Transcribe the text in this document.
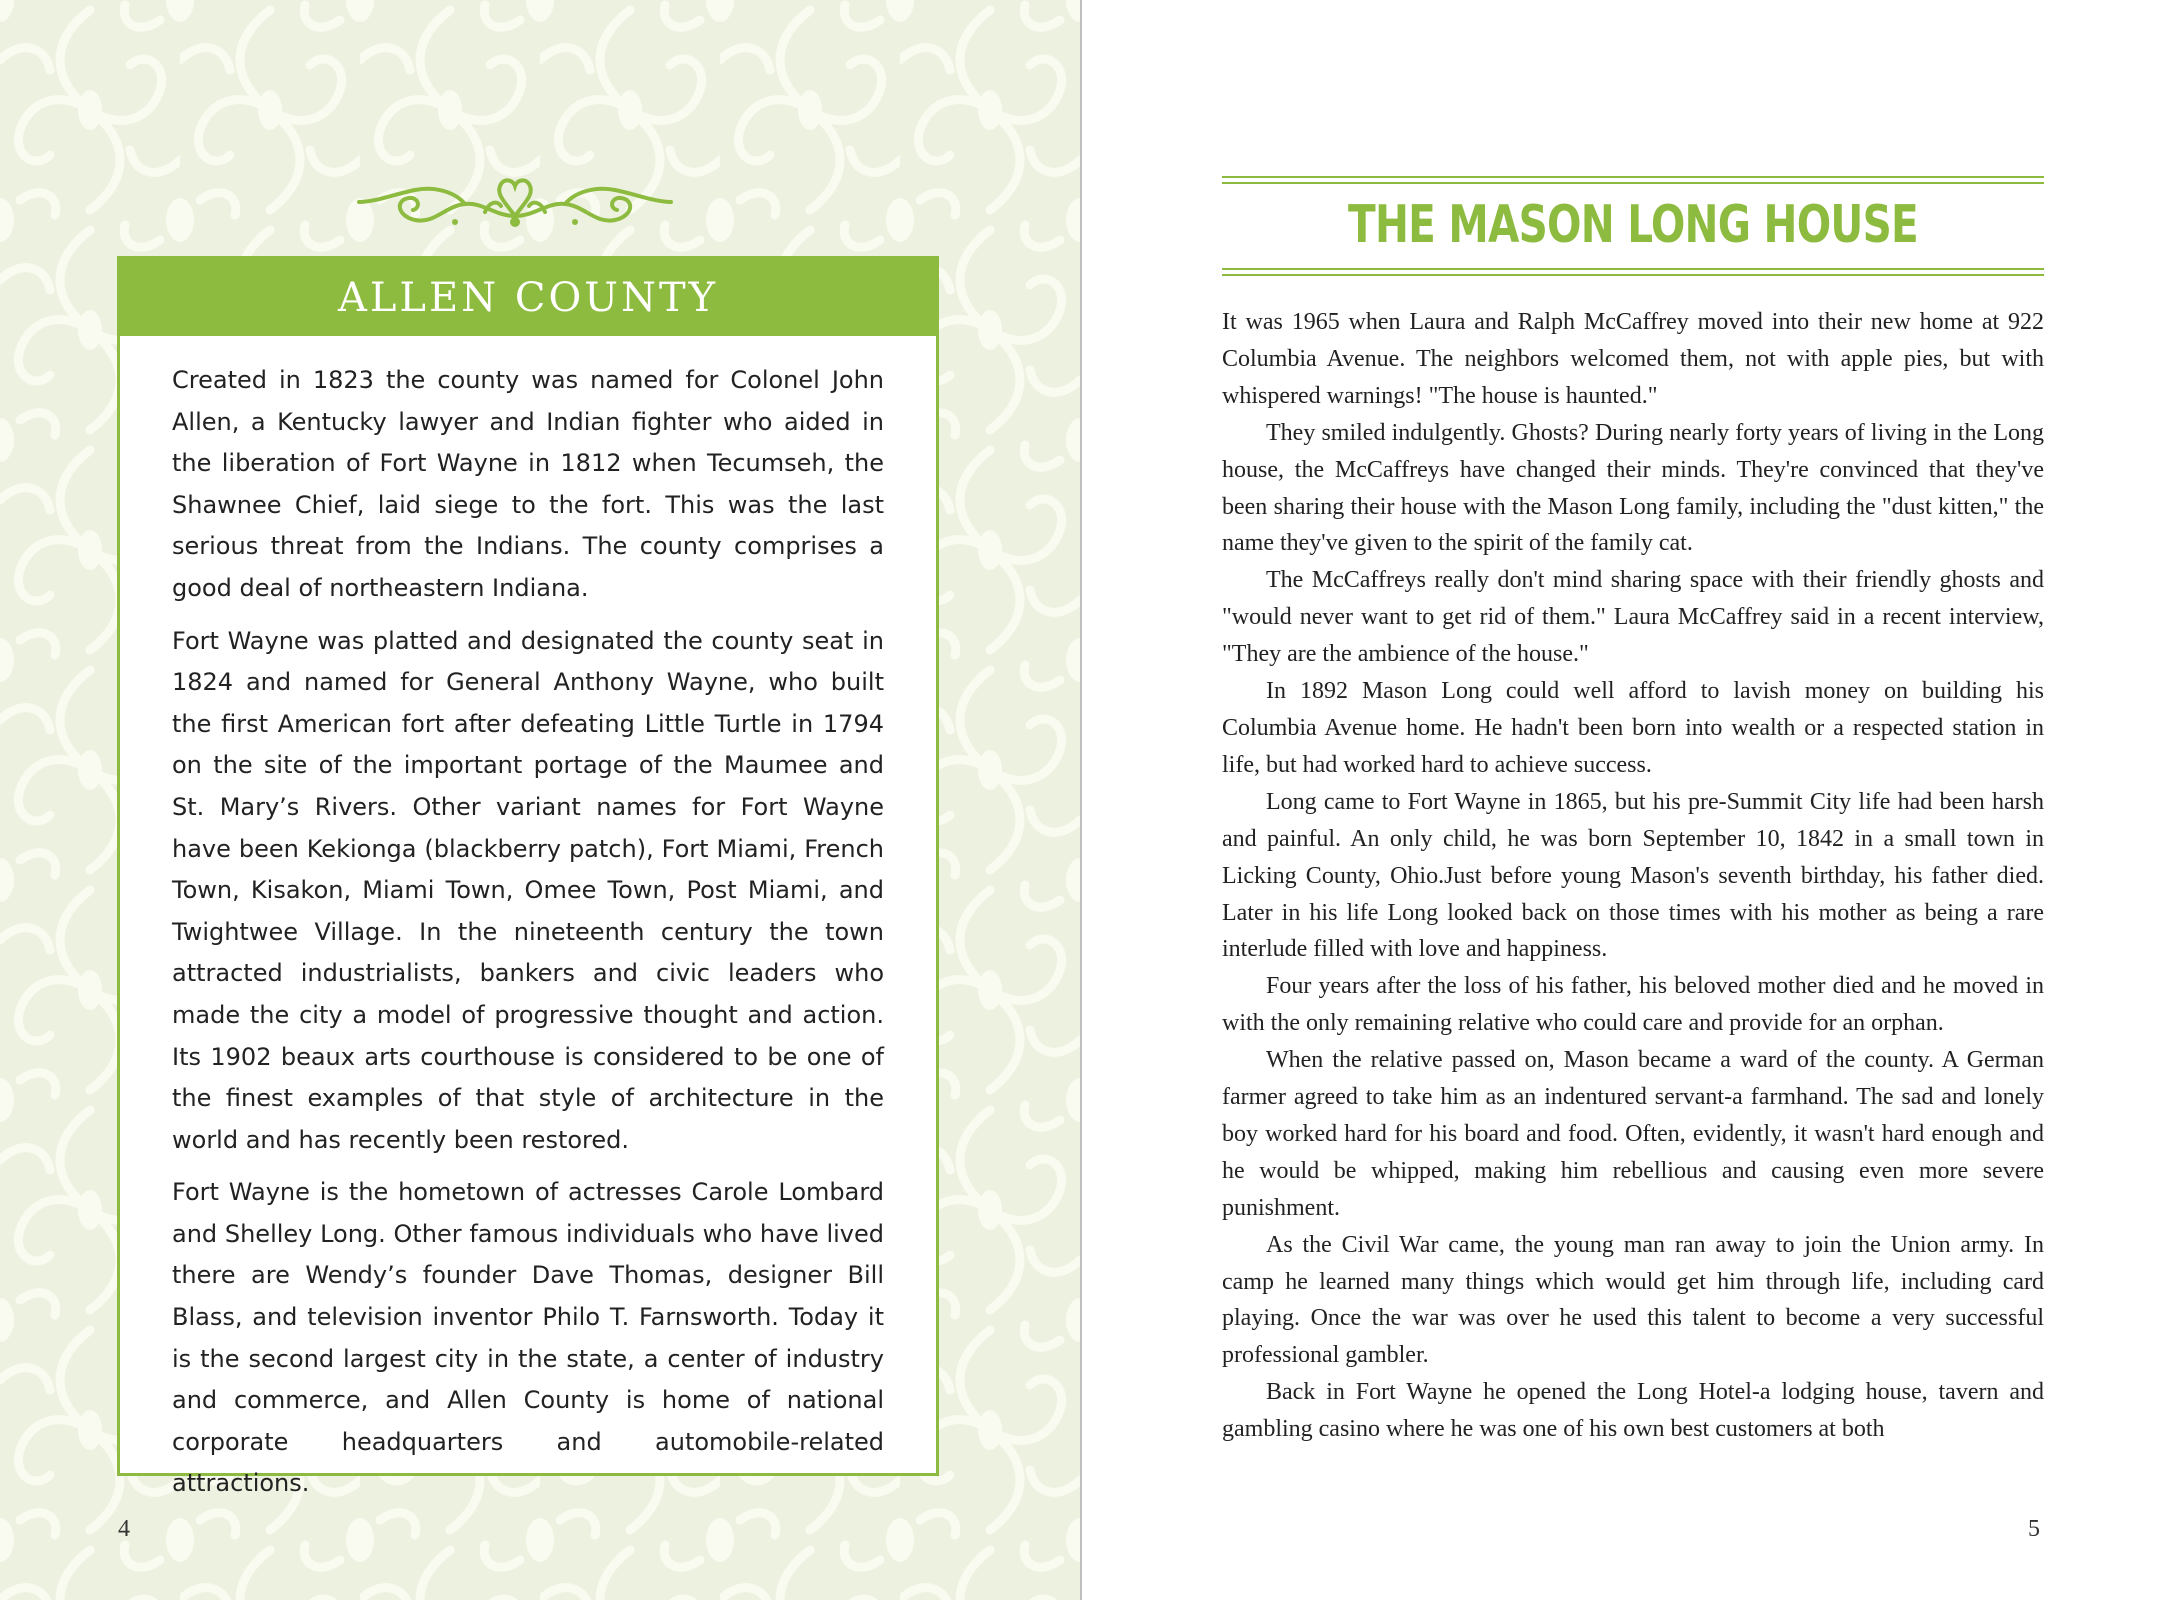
ALLEN COUNTY

Created in 1823 the county was named for Colonel John Allen, a Kentucky lawyer and Indian fighter who aided in the liberation of Fort Wayne in 1812 when Tecumseh, the Shawnee Chief, laid siege to the fort. This was the last serious threat from the Indians. The county comprises a good deal of northeastern Indiana.

Fort Wayne was platted and designated the county seat in 1824 and named for General Anthony Wayne, who built the first American fort after defeating Little Turtle in 1794 on the site of the important portage of the Maumee and St. Mary’s Rivers. Other variant names for Fort Wayne have been Kekionga (blackberry patch), Fort Miami, French Town, Kisakon, Miami Town, Omee Town, Post Miami, and Twightwee Village. In the nineteenth century the town attracted industrialists, bankers and civic leaders who made the city a model of progressive thought and action. Its 1902 beaux arts courthouse is considered to be one of the finest examples of that style of architecture in the world and has recently been restored.

Fort Wayne is the hometown of actresses Carole Lombard and Shelley Long. Other famous individuals who have lived there are Wendy’s founder Dave Thomas, designer Bill Blass, and television inventor Philo T. Farnsworth. Today it is the second largest city in the state, a center of industry and commerce, and Allen County is home of national corporate headquarters and automobile-related attractions.

4
THE MASON LONG HOUSE

It was 1965 when Laura and Ralph McCaffrey moved into their new home at 922 Columbia Avenue. The neighbors welcomed them, not with apple pies, but with whispered warnings! "The house is haunted."

They smiled indulgently. Ghosts? During nearly forty years of living in the Long house, the McCaffreys have changed their minds. They're convinced that they've been sharing their house with the Mason Long family, including the "dust kitten," the name they've given to the spirit of the family cat.

The McCaffreys really don't mind sharing space with their friendly ghosts and "would never want to get rid of them." Laura McCaffrey said in a recent interview, "They are the ambience of the house."

In 1892 Mason Long could well afford to lavish money on building his Columbia Avenue home. He hadn't been born into wealth or a respected station in life, but had worked hard to achieve success.

Long came to Fort Wayne in 1865, but his pre-Summit City life had been harsh and painful. An only child, he was born September 10, 1842 in a small town in Licking County, Ohio.Just before young Mason's seventh birthday, his father died. Later in his life Long looked back on those times with his mother as being a rare interlude filled with love and happiness.

Four years after the loss of his father, his beloved mother died and he moved in with the only remaining relative who could care and provide for an orphan.

When the relative passed on, Mason became a ward of the county. A German farmer agreed to take him as an indentured servant-a farmhand. The sad and lonely boy worked hard for his board and food. Often, evidently, it wasn't hard enough and he would be whipped, making him rebellious and causing even more severe punishment.

As the Civil War came, the young man ran away to join the Union army. In camp he learned many things which would get him through life, including card playing. Once the war was over he used this talent to become a very successful professional gambler.

Back in Fort Wayne he opened the Long Hotel-a lodging house, tavern and gambling casino where he was one of his own best customers at both

5
